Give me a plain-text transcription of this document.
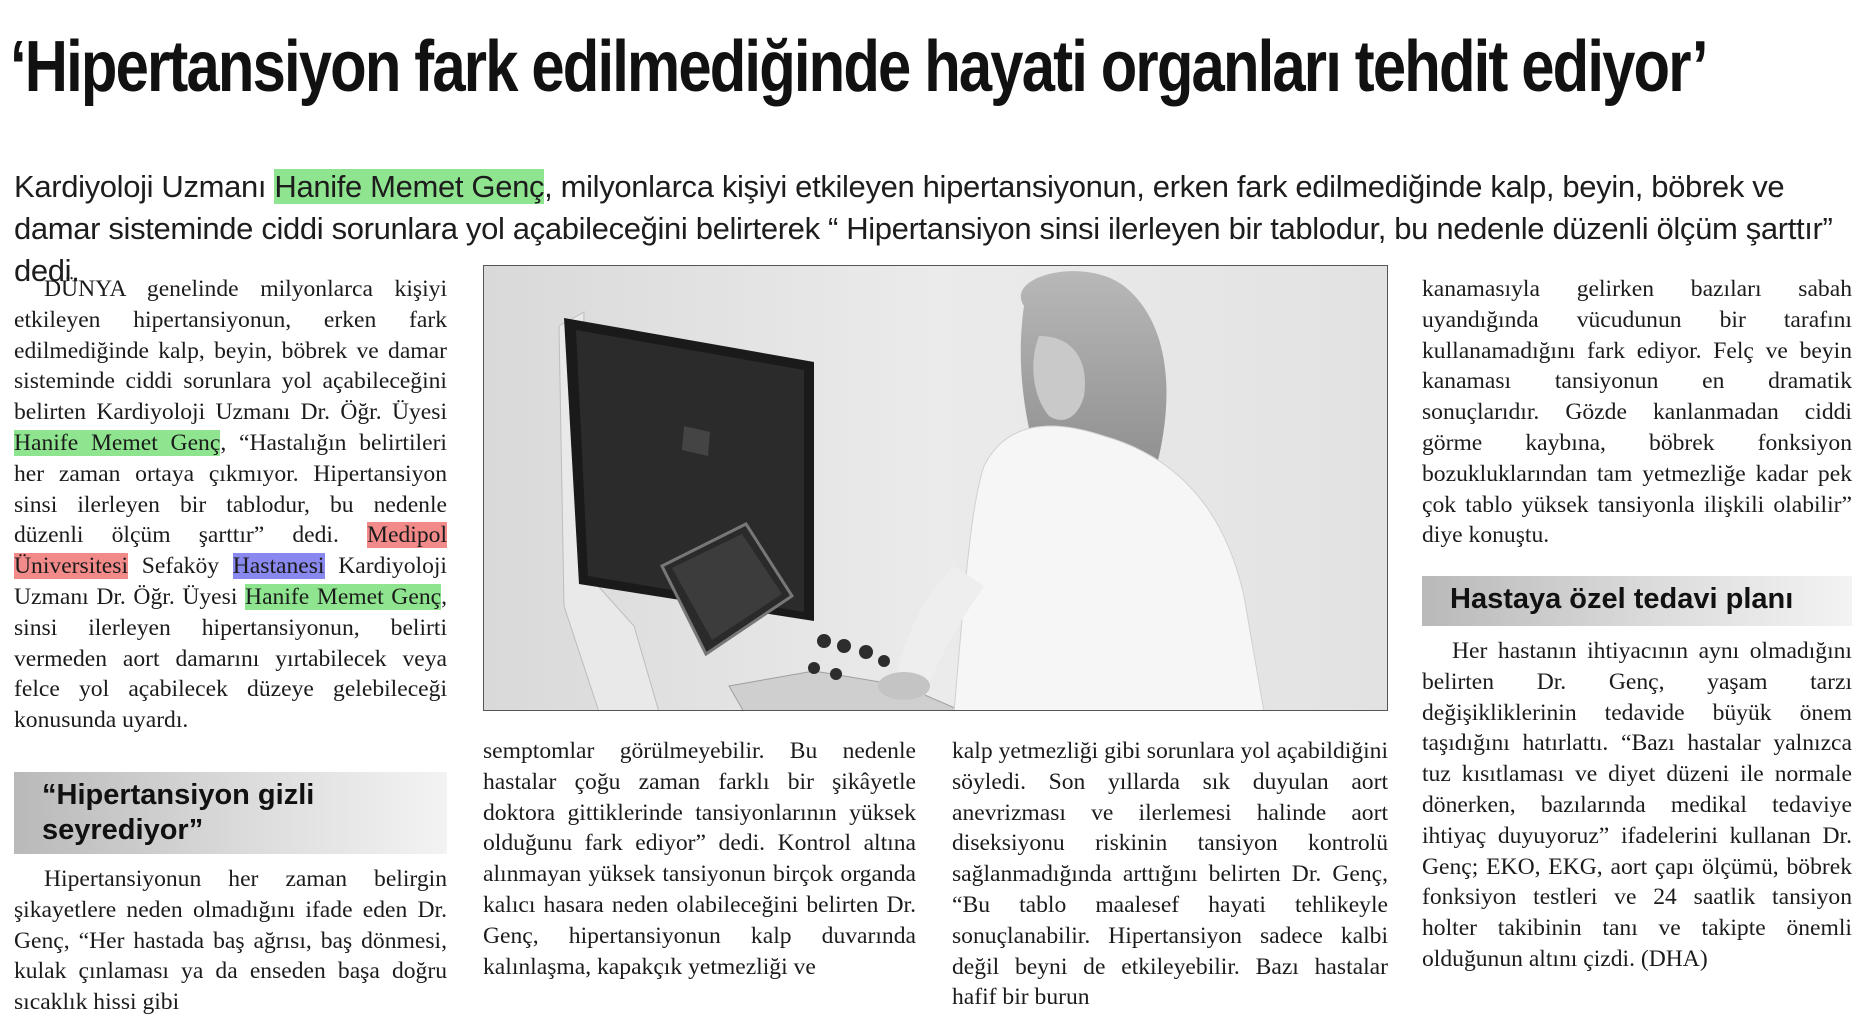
‘Hipertansiyon fark edilmediğinde hayati organları tehdit ediyor’
Kardiyoloji Uzmanı Hanife Memet Genç, milyonlarca kişiyi etkileyen hipertansiyonun, erken fark edilmediğinde kalp, beyin, böbrek ve damar sisteminde ciddi sorunlara yol açabileceğini belirterek “ Hipertansiyon sinsi ilerleyen bir tablodur, bu nedenle düzenli ölçüm şarttır” dedi.

DÜNYA genelinde milyonlarca kişiyi etkileyen hipertansiyonun, erken fark edilmediğinde kalp, beyin, böbrek ve damar sisteminde ciddi sorunlara yol açabileceğini belirten Kardiyoloji Uzmanı Dr. Öğr. Üyesi Hanife Memet Genç, “Hastalığın belirtileri her zaman ortaya çıkmıyor. Hipertansiyon sinsi ilerleyen bir tablodur, bu nedenle düzenli ölçüm şarttır” dedi. Medipol Üniversitesi Sefaköy Hastanesi Kardiyoloji Uzmanı Dr. Öğr. Üyesi Hanife Memet Genç, sinsi ilerleyen hipertansiyonun, belirti vermeden aort damarını yırtabilecek veya felce yol açabilecek düzeye gelebileceği konusunda uyardı.

“Hipertansiyon gizli seyrediyor”

Hipertansiyonun her zaman belirgin şikayetlere neden olmadığını ifade eden Dr. Genç, “Her hastada baş ağrısı, baş dönmesi, kulak çınlaması ya da enseden başa doğru sıcaklık hissi gibi

semptomlar görülmeyebilir. Bu nedenle hastalar çoğu zaman farklı bir şikâyetle doktora gittiklerinde tansiyonlarının yüksek olduğunu fark ediyor” dedi. Kontrol altına alınmayan yüksek tansiyonun birçok organda kalıcı hasara neden olabileceğini belirten Dr. Genç, hipertansiyonun kalp duvarında kalınlaşma, kapakçık yetmezliği ve

kalp yetmezliği gibi sorunlara yol açabildiğini söyledi. Son yıllarda sık duyulan aort anevrizması ve ilerlemesi halinde aort diseksiyonu riskinin tansiyon kontrolü sağlanmadığında arttığını belirten Dr. Genç, “Bu tablo maalesef hayati tehlikeyle sonuçlanabilir. Hipertansiyon sadece kalbi değil beyni de etkileyebilir. Bazı hastalar hafif bir burun

kanamasıyla gelirken bazıları sabah uyandığında vücudunun bir tarafını kullanamadığını fark ediyor. Felç ve beyin kanaması tansiyonun en dramatik sonuçlarıdır. Gözde kanlanmadan ciddi görme kaybına, böbrek fonksiyon bozukluklarından tam yetmezliğe kadar pek çok tablo yüksek tansiyonla ilişkili olabilir” diye konuştu.

Hastaya özel tedavi planı

Her hastanın ihtiyacının aynı olmadığını belirten Dr. Genç, yaşam tarzı değişikliklerinin tedavide büyük önem taşıdığını hatırlattı. “Bazı hastalar yalnızca tuz kısıtlaması ve diyet düzeni ile normale dönerken, bazılarında medikal tedaviye ihtiyaç duyuyoruz” ifadelerini kullanan Dr. Genç; EKO, EKG, aort çapı ölçümü, böbrek fonksiyon testleri ve 24 saatlik tansiyon holter takibinin tanı ve takipte önemli olduğunun altını çizdi. (DHA)
